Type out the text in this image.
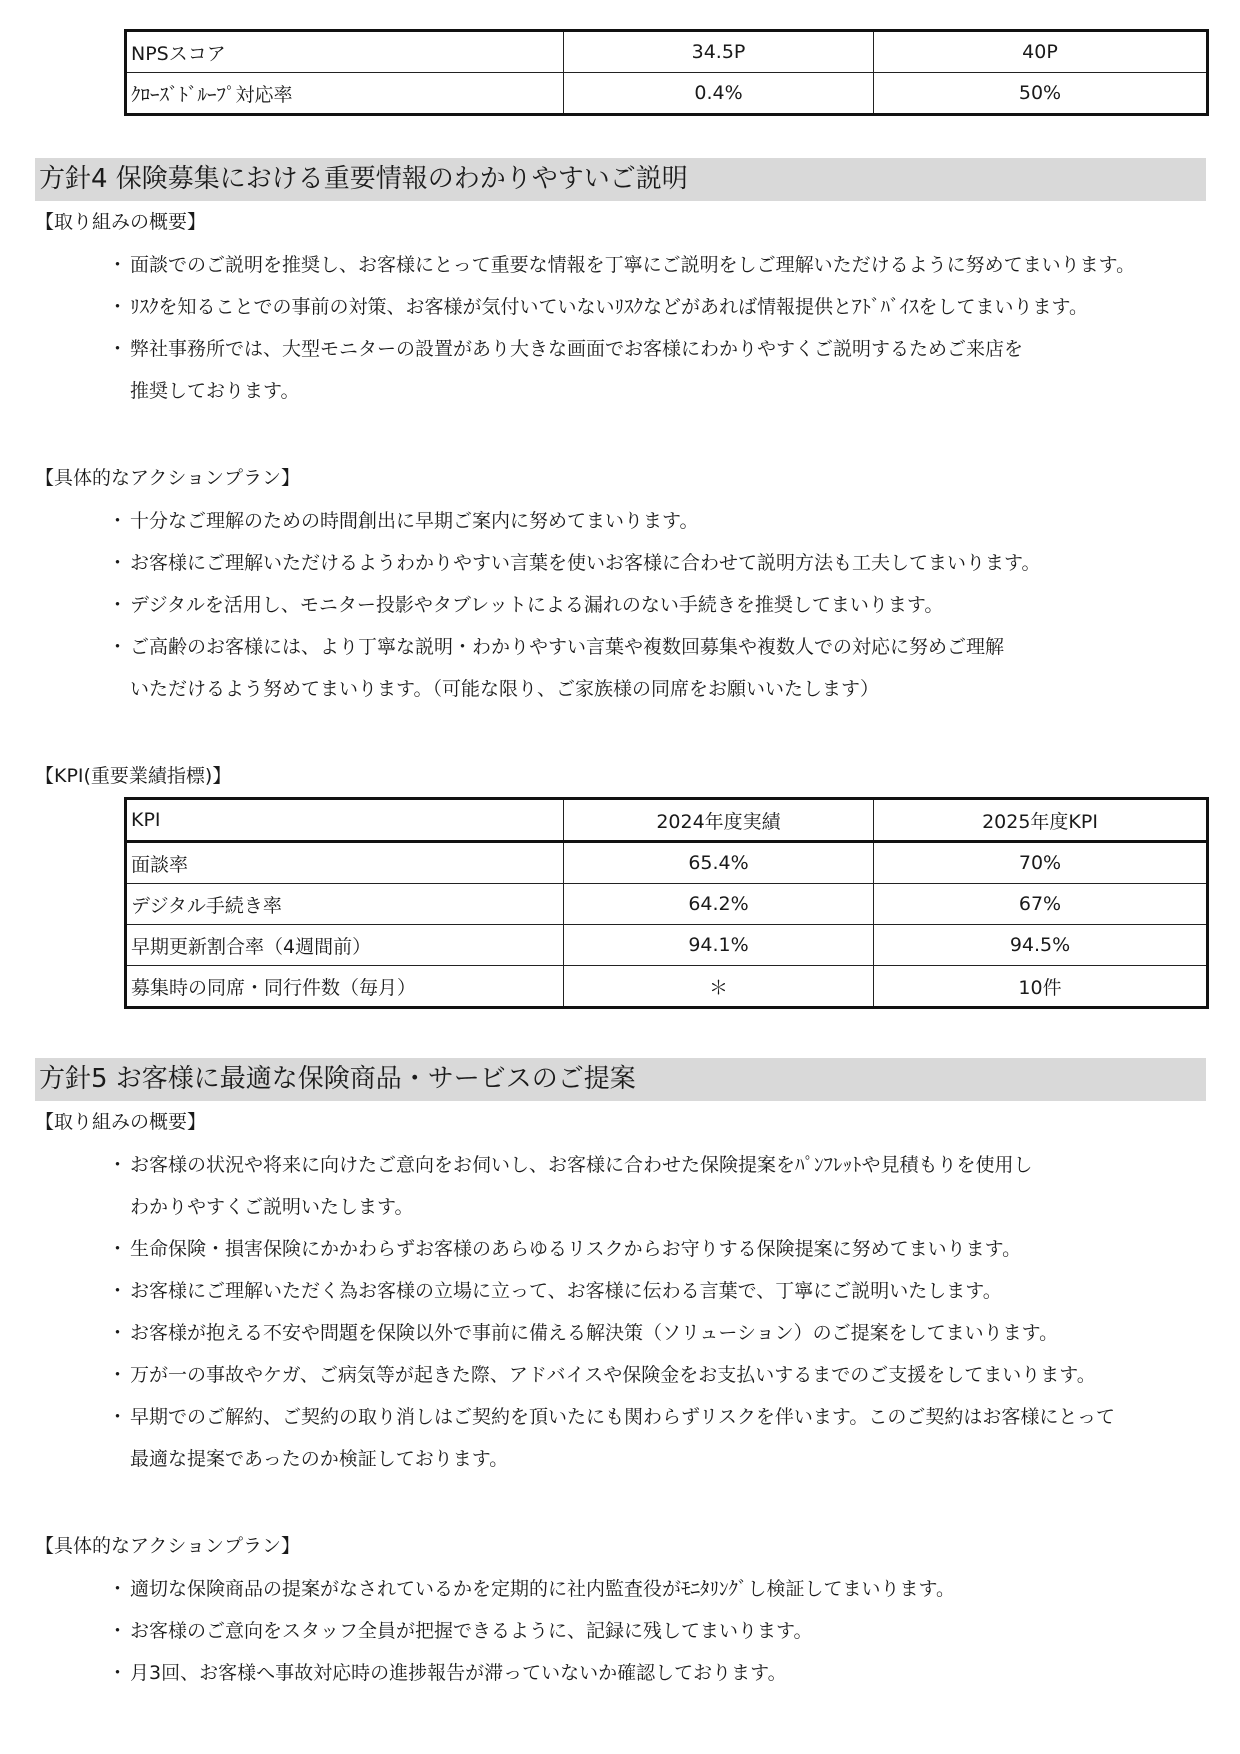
NPSスコア	34.5P	40P
ｸﾛｰｽﾞﾄﾞﾙｰﾌﾟ対応率	0.4%	50%
方針4 保険募集における重要情報のわかりやすいご説明
【取り組みの概要】
・ 面談でのご説明を推奨し、お客様にとって重要な情報を丁寧にご説明をしご理解いただけるように努めてまいります。
・ ﾘｽｸを知ることでの事前の対策、お客様が気付いていないﾘｽｸなどがあれば情報提供とｱﾄﾞﾊﾞｲｽをしてまいります。
・ 弊社事務所では、大型モニターの設置があり大きな画面でお客様にわかりやすくご説明するためご来店を
推奨しております。
【具体的なアクションプラン】
・ 十分なご理解のための時間創出に早期ご案内に努めてまいります。
・ お客様にご理解いただけるようわかりやすい言葉を使いお客様に合わせて説明方法も工夫してまいります。
・ デジタルを活用し、モニター投影やタブレットによる漏れのない手続きを推奨してまいります。
・ ご高齢のお客様には、より丁寧な説明・わかりやすい言葉や複数回募集や複数人での対応に努めご理解
いただけるよう努めてまいります。（可能な限り、ご家族様の同席をお願いいたします）
【KPI(重要業績指標)】
KPI	2024年度実績	2025年度KPI
面談率	65.4%	70%
デジタル手続き率	64.2%	67%
早期更新割合率（4週間前）	94.1%	94.5%
募集時の同席・同行件数（毎月）	＊	10件
方針5 お客様に最適な保険商品・サービスのご提案
【取り組みの概要】
・ お客様の状況や将来に向けたご意向をお伺いし、お客様に合わせた保険提案をﾊﾟﾝﾌﾚｯﾄや見積もりを使用し
わかりやすくご説明いたします。
・ 生命保険・損害保険にかかわらずお客様のあらゆるリスクからお守りする保険提案に努めてまいります。
・ お客様にご理解いただく為お客様の立場に立って、お客様に伝わる言葉で、丁寧にご説明いたします。
・ お客様が抱える不安や問題を保険以外で事前に備える解決策（ソリューション）のご提案をしてまいります。
・ 万が一の事故やケガ、ご病気等が起きた際、アドバイスや保険金をお支払いするまでのご支援をしてまいります。
・ 早期でのご解約、ご契約の取り消しはご契約を頂いたにも関わらずリスクを伴います。このご契約はお客様にとって
最適な提案であったのか検証しております。
【具体的なアクションプラン】
・ 適切な保険商品の提案がなされているかを定期的に社内監査役がﾓﾆﾀﾘﾝｸﾞし検証してまいります。
・ お客様のご意向をスタッフ全員が把握できるように、記録に残してまいります。
・ 月3回、お客様へ事故対応時の進捗報告が滞っていないか確認しております。
